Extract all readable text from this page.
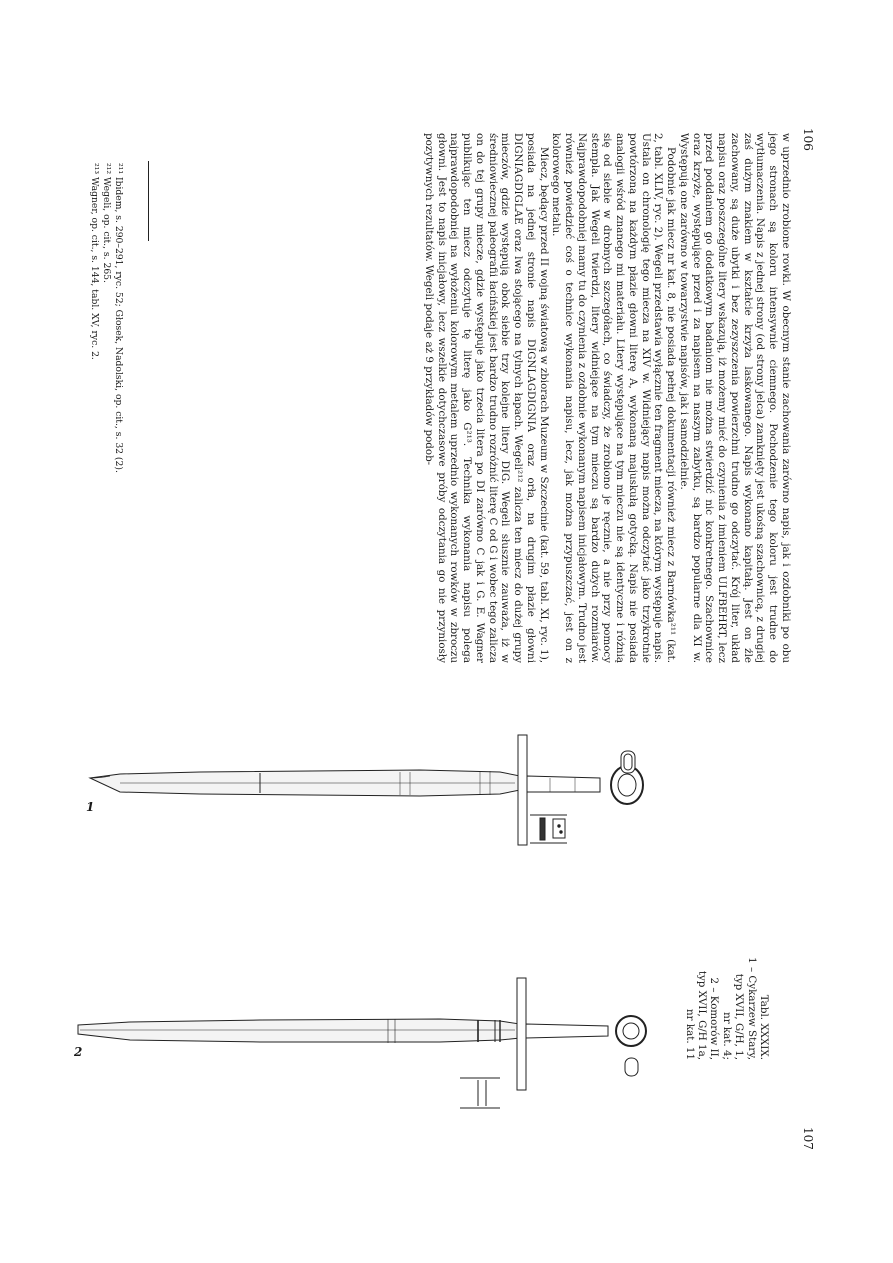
106
107

w uprzednio zrobione rowki. W obecnym stanie zachowania zarówno napis, jak i ozdobniki po obu jego stronach są koloru intensywnie ciemnego. Pochodzenie tego koloru jest trudne do wytłumaczenia. Napis z jednej strony (od strony jelca) zamknięty jest ukośną szachownicą, z drugiej zaś dużym znakiem w kształcie krzyża laskowanego. Napis wykonano kapitałą. Jest on źle zachowany, są duże ubytki i bez zezyszczenia powierzchni trudno go odczytać. Krój liter, układ napisu oraz poszczególne litery wskazują, iż możemy mieć do czynienia z imieniem ULFBEHRT, lecz przed poddaniem go dodatkowym badaniom nie można stwierdzić nic konkretnego. Szachownice oraz krzyże, występujące przed i za napisem na naszym zabytku, są bardzo popularne dla XI w. Występują one zarówno w towarzystwie napisów, jak i samodzielnie.

Podobnie jak miecz nr kat. 8, nie posiada pełnej dokumentacji również miecz z Barnówka²¹¹ (kat. 2, tabl. XLIV, ryc. 2). Wegeli przedstawia wyłącznie ten fragment miecza, na którym występuje napis. Ustala on chronologię tego miecza na XIV w. Widniejący napis można odczytać jako trzykrotnie powtórzoną na każdym płazie głowni literę A, wykonaną majuskułą gotycką. Napis nie posiada analogii wśród znanego mi materiału. Litery występujące na tym mieczu nie są identyczne i różnią się od siebie w drobnych szczegółach, co świadczy, że zrobiono je ręcznie, a nie przy pomocy stempla. Jak Wegeli twierdzi, litery widniejące na tym mieczu są bardzo dużych rozmiarów. Najprawdopodobniej mamy tu do czynienia z ozdobnie wykonanym napisem inicjałowym. Trudno jest również powiedzieć coś o technice wykonania napisu, lecz, jak można przypuszczać, jest on z kolorowego metalu.

Miecz, będący przed II wojną światową w zbiorach Muzeum w Szczecinie (kat. 59, tabl. XI, ryc. 1), posiada na jednej stronie napis DIGNLAGDIGNIA oraz orła, na drugim płazie głowni DIGNIAGDIGLAE oraz lwa stojącego na tylnych łapach. Wegeli²¹² zalicza ten miecz do dużej grupy mieczów, gdzie występują obok siebie trzy kolejne litery DIG. Wegeli słusznie zauważa, iż w średniowiecznej paleografii łacińskiej jest bardzo trudno rozróżnić literę C od G i wobec tego zalicza on do tej grupy miecze, gdzie występuje jako trzecia litera po DI zarówno C jak i G. E. Wagner publikując ten miecz odczytuje tę literę jako G²¹³. Technika wykonania napisu polega najprawdopodobniej na wyłożeniu kolorowym metalem uprzednio wykonanych rowków w zbroczu głowni. Jest to napis inicjałowy, lecz wszelkie dotychczasowe próby odczytania go nie przyniosły pozytywnych rezultatów. Wegeli podaje aż 9 przykładów podob-

²¹¹ Ibidem, s. 290–291, ryc. 52; Głosek, Nadolski, op. cit., s. 32 (2).
²¹² Wegeli, op. cit., s. 265.
²¹³ Wagner, op. cit., s. 144, tabl. XV, ryc. 2.
Tabl. XXXIX.
1 – Cykarzew Stary,
typ XVII, G/H, 1,
nr kat. 4;
2 – Komorów II,
typ XVII, G/H 1a,
nr kat. 11
1
2
